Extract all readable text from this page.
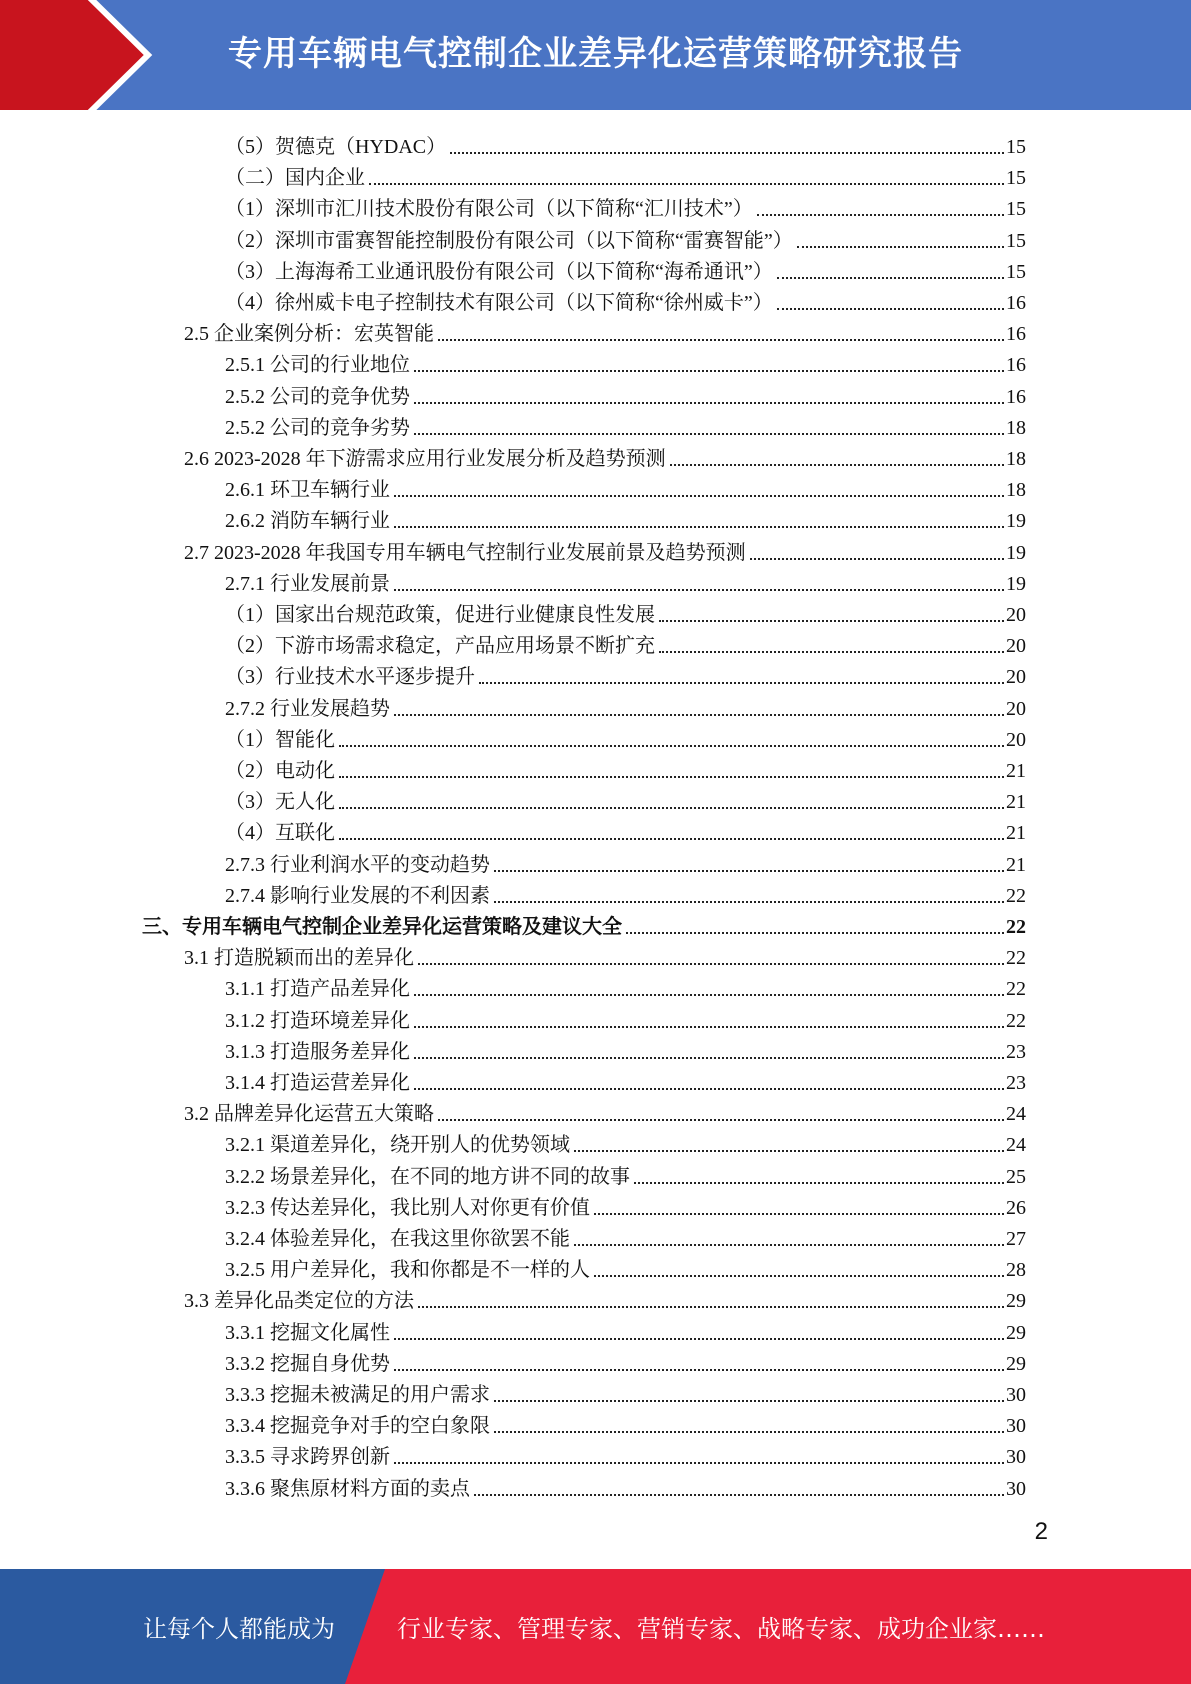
专用车辆电气控制企业差异化运营策略研究报告
（5）贺德克（HYDAC）	15
（二）国内企业	15
（1）深圳市汇川技术股份有限公司（以下简称“汇川技术”）	15
（2）深圳市雷赛智能控制股份有限公司（以下简称“雷赛智能”）	15
（3）上海海希工业通讯股份有限公司（以下简称“海希通讯”）	15
（4）徐州威卡电子控制技术有限公司（以下简称“徐州威卡”）	16
2.5 企业案例分析：宏英智能	16
2.5.1 公司的行业地位	16
2.5.2 公司的竞争优势	16
2.5.2 公司的竞争劣势	18
2.6 2023-2028 年下游需求应用行业发展分析及趋势预测	18
2.6.1 环卫车辆行业	18
2.6.2 消防车辆行业	19
2.7 2023-2028 年我国专用车辆电气控制行业发展前景及趋势预测	19
2.7.1 行业发展前景	19
（1）国家出台规范政策，促进行业健康良性发展	20
（2）下游市场需求稳定，产品应用场景不断扩充	20
（3）行业技术水平逐步提升	20
2.7.2 行业发展趋势	20
（1）智能化	20
（2）电动化	21
（3）无人化	21
（4）互联化	21
2.7.3 行业利润水平的变动趋势	21
2.7.4 影响行业发展的不利因素	22
三、专用车辆电气控制企业差异化运营策略及建议大全	22
3.1 打造脱颖而出的差异化	22
3.1.1 打造产品差异化	22
3.1.2 打造环境差异化	22
3.1.3 打造服务差异化	23
3.1.4 打造运营差异化	23
3.2 品牌差异化运营五大策略	24
3.2.1 渠道差异化，绕开别人的优势领域	24
3.2.2 场景差异化，在不同的地方讲不同的故事	25
3.2.3 传达差异化，我比别人对你更有价值	26
3.2.4 体验差异化，在我这里你欲罢不能	27
3.2.5 用户差异化，我和你都是不一样的人	28
3.3 差异化品类定位的方法	29
3.3.1 挖掘文化属性	29
3.3.2 挖掘自身优势	29
3.3.3 挖掘未被满足的用户需求	30
3.3.4 挖掘竞争对手的空白象限	30
3.3.5 寻求跨界创新	30
3.3.6 聚焦原材料方面的卖点	30
2
让每个人都能成为	行业专家、管理专家、营销专家、战略专家、成功企业家……
